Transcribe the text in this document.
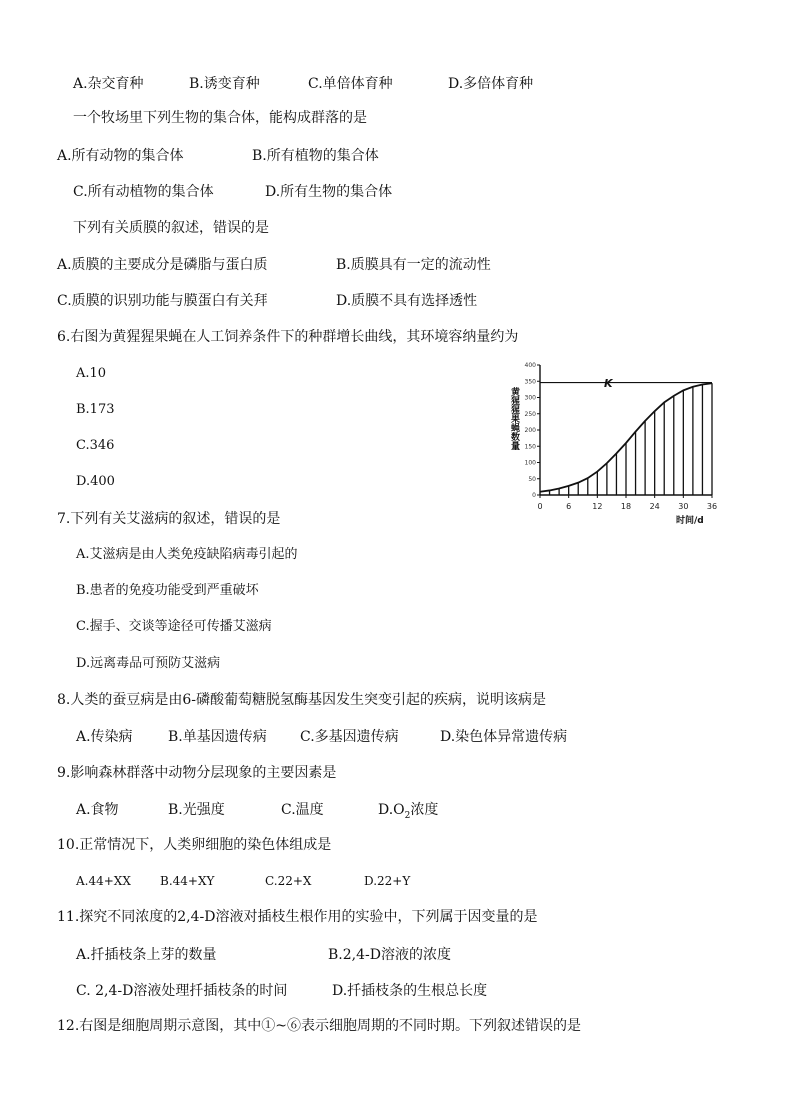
A.杂交育种	B.诱变育种	C.单倍体育种	D.多倍体育种
一个牧场里下列生物的集合体，能构成群落的是
A.所有动物的集合体	B.所有植物的集合体
C.所有动植物的集合体	D.所有生物的集合体
下列有关质膜的叙述，错误的是
A.质膜的主要成分是磷脂与蛋白质	B.质膜具有一定的流动性
C.质膜的识别功能与膜蛋白有关拜	D.质膜不具有选择透性
6.右图为黄猩猩果蝇在人工饲养条件下的种群增长曲线，其环境容纳量约为
A.10
B.173
C.346
D.400
0
50
100
150
200
250
300
350
400
0	6	12 18 24 30 36
黄猩猩果蝇数量
K
时间/d
7.下列有关艾滋病的叙述，错误的是
A.艾滋病是由人类免疫缺陷病毒引起的
B.患者的免疫功能受到严重破坏
C.握手、交谈等途径可传播艾滋病
D.远离毒品可预防艾滋病
8.人类的蚕豆病是由6-磷酸葡萄糖脱氢酶基因发生突变引起的疾病，说明该病是
A.传染病	B.单基因遗传病 C.多基因遗传病	D.染色体异常遗传病
9.影响森林群落中动物分层现象的主要因素是
A.食物	B.光强度	C.温度	$D.O_2$浓度
10.正常情况下，人类卵细胞的染色体组成是
A.44+XX B.44+XY	C.22+X	D.22+Y
11.探究不同浓度的2,4-D溶液对插枝生根作用的实验中，下列属于因变量的是
A.扦插枝条上芽的数量	B.2,4-D溶液的浓度
C. 2,4-D溶液处理扦插枝条的时间	D.扦插枝条的生根总长度
12.右图是细胞周期示意图，其中①~⑥表示细胞周期的不同时期。下列叙述错误的是
